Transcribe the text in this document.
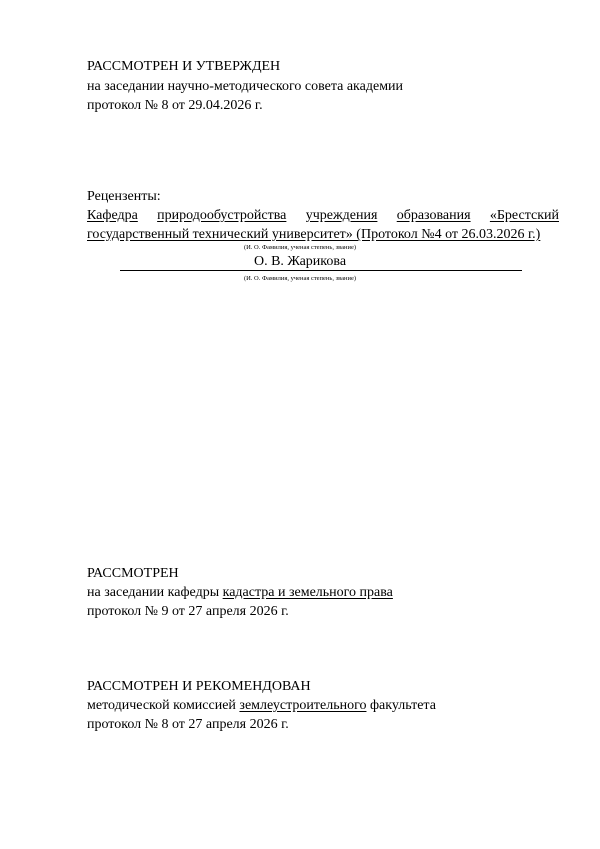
РАССМОТРЕН И УТВЕРЖДЕН
на заседании научно-методического совета академии
протокол № 8 от 29.04.2026 г.
Рецензенты:
Кафедра природообустройства учреждения образования «Брестский
государственный технический университет» (Протокол №4 от 26.03.2026 г.)
(И. О. Фамилия, ученая степень, звание)
О. В. Жарикова
(И. О. Фамилия, ученая степень, звание)
РАССМОТРЕН
на заседании кафедры кадастра и земельного права
протокол № 9 от 27 апреля 2026 г.
РАССМОТРЕН И РЕКОМЕНДОВАН
методической комиссией землеустроительного факультета
протокол № 8 от 27 апреля 2026 г.
